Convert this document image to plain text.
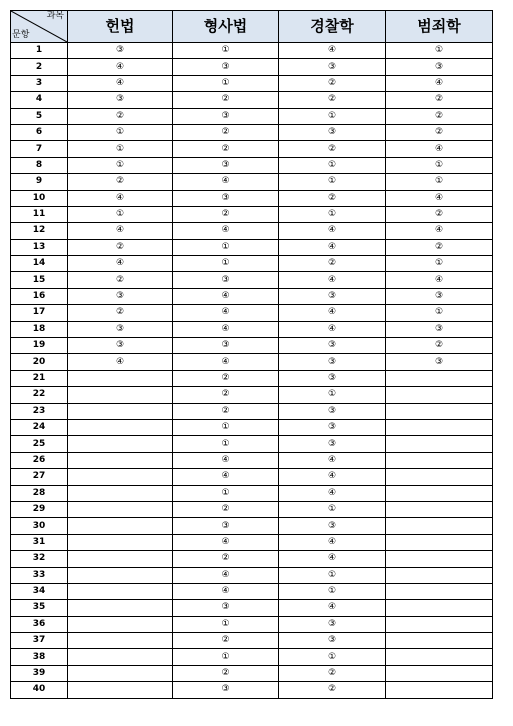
과목
문항	헌법	형사법	경찰학	범죄학
1	③	①	④	①
2	④	③	③	③
3	④	①	②	④
4	③	②	②	②
5	②	③	①	②
6	①	②	③	②
7	①	②	②	④
8	①	③	①	①
9	②	④	①	①
10	④	③	②	④
11	①	②	①	②
12	④	④	④	④
13	②	①	④	②
14	④	①	②	①
15	②	③	④	④
16	③	④	③	③
17	②	④	④	①
18	③	④	④	③
19	③	③	③	②
20	④	④	③	③
21		②	③	
22		②	①	
23		②	③	
24		①	③	
25		①	③	
26		④	④	
27		④	④	
28		①	④	
29		②	①	
30		③	③	
31		④	④	
32		②	④	
33		④	①	
34		④	①	
35		③	④	
36		①	③	
37		②	③	
38		①	①	
39		②	②	
40		③	②	
